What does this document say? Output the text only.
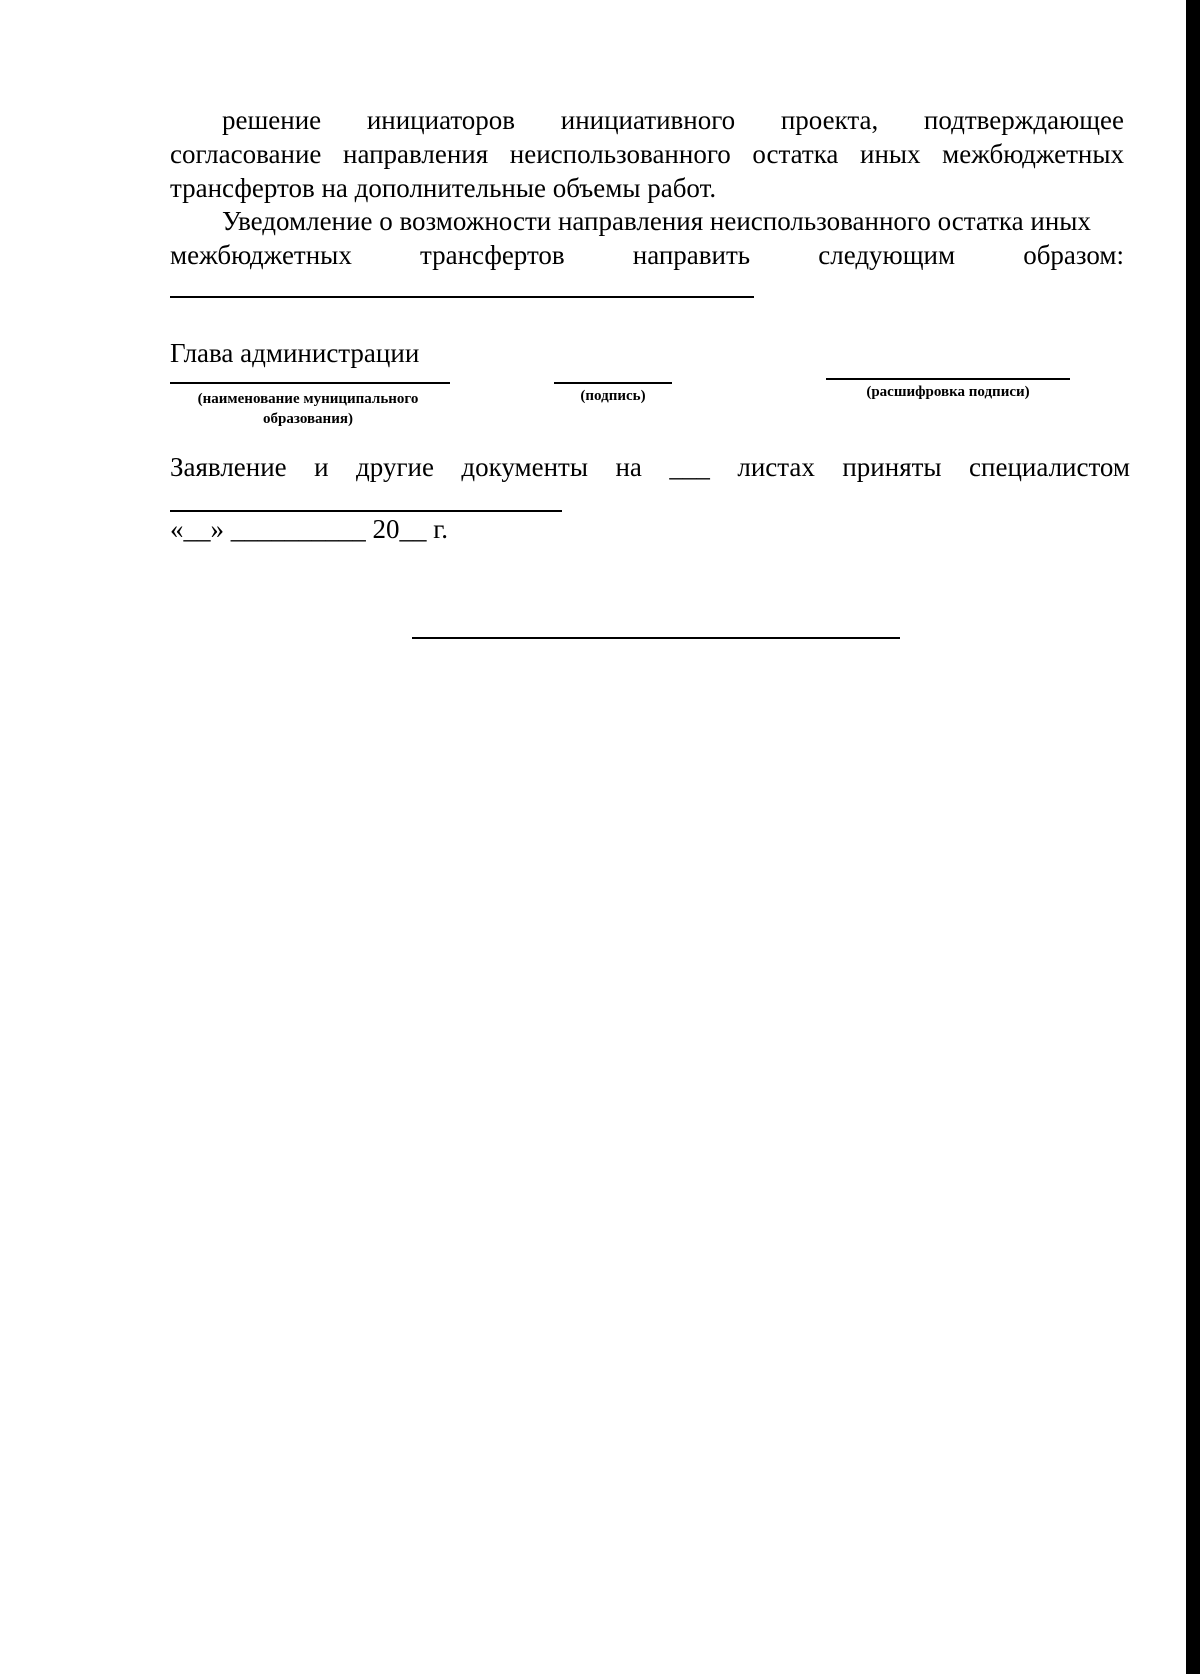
решение инициаторов инициативного проекта, подтверждающее согласование направления неиспользованного остатка иных межбюджетных трансфертов на дополнительные объемы работ.
Уведомление о возможности направления неиспользованного остатка иных
межбюджетных трансфертов направить следующим образом:
Глава администрации
(наименование муниципального образования)
(подпись)	(расшифровка подписи)
Заявление и другие документы на ___ листах приняты специалистом
«__» __________ 20__ г.
